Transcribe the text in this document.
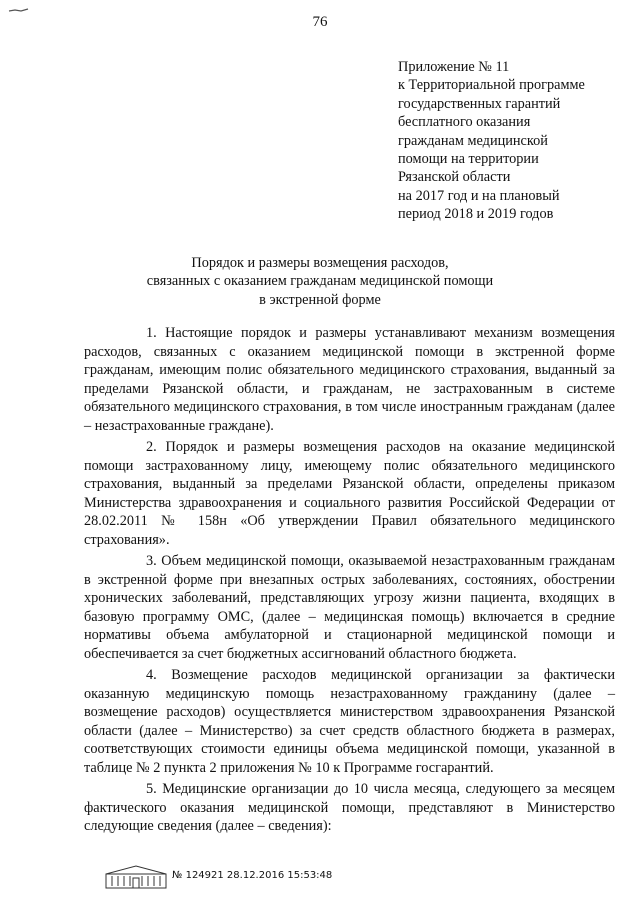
76
Приложение № 11
к Территориальной программе
государственных гарантий
бесплатного оказания
гражданам медицинской
помощи на территории
Рязанской области
на 2017 год и на плановый
период 2018 и 2019 годов
Порядок и размеры возмещения расходов,
связанных с оказанием гражданам медицинской помощи
в экстренной форме

1. Настоящие порядок и размеры устанавливают механизм возмещения расходов, связанных с оказанием медицинской помощи в экстренной форме гражданам, имеющим полис обязательного медицинского страхования, выданный за пределами Рязанской области, и гражданам, не застрахованным в системе обязательного медицинского страхования, в том числе иностранным гражданам (далее – незастрахованные граждане).

2. Порядок и размеры возмещения расходов на оказание медицинской помощи застрахованному лицу, имеющему полис обязательного медицинского страхования, выданный за пределами Рязанской области, определены приказом Министерства здравоохранения и социального развития Российской Федерации от 28.02.2011 № 158н «Об утверждении Правил обязательного медицинского страхования».

3. Объем медицинской помощи, оказываемой незастрахованным гражданам в экстренной форме при внезапных острых заболеваниях, состояниях, обострении хронических заболеваний, представляющих угрозу жизни пациента, входящих в базовую программу ОМС, (далее – медицинская помощь) включается в средние нормативы объема амбулаторной и стационарной медицинской помощи и обеспечивается за счет бюджетных ассигнований областного бюджета.

4. Возмещение расходов медицинской организации за фактически оказанную медицинскую помощь незастрахованному гражданину (далее – возмещение расходов) осуществляется министерством здравоохранения Рязанской области (далее – Министерство) за счет средств областного бюджета в размерах, соответствующих стоимости единицы объема медицинской помощи, указанной в таблице № 2 пункта 2 приложения № 10 к Программе госгарантий.

5. Медицинские организации до 10 числа месяца, следующего за месяцем фактического оказания медицинской помощи, представляют в Министерство следующие сведения (далее – сведения):

№ 124921 28.12.2016 15:53:48
